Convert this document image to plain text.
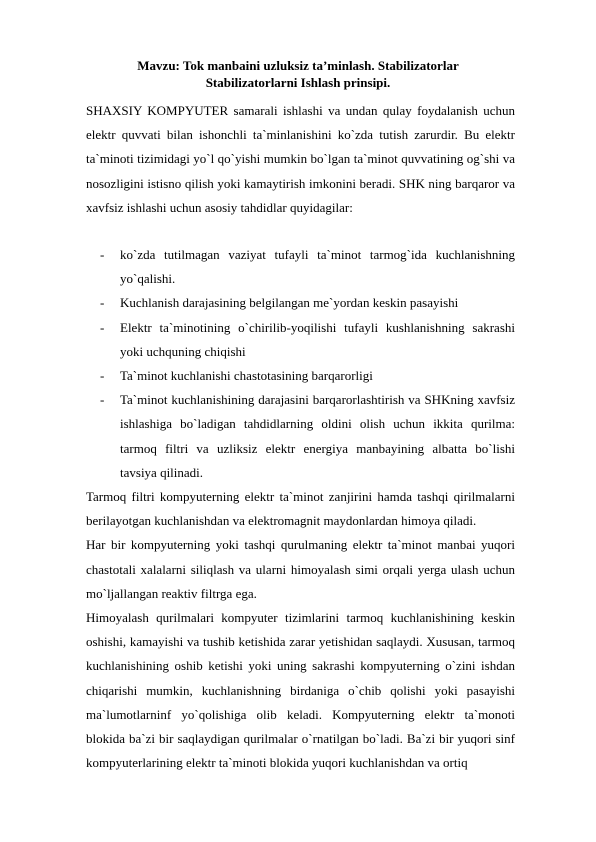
Mavzu: Tok manbaini uzluksiz ta’minlash. Stabilizatorlar
Stabilizatorlarni Ishlash prinsipi.

SHAXSIY KOMPYUTER samarali ishlashi va undan qulay foydalanish uchun elektr quvvati bilan ishonchli ta`minlanishini ko`zda tutish zarurdir. Bu elektr ta`minoti tizimidagi yo`l qo`yishi mumkin bo`lgan ta`minot quvvatining og`shi va nosozligini istisno qilish yoki kamaytirish imkonini beradi. SHK ning barqaror va xavfsiz ishlashi uchun asosiy tahdidlar quyidagilar:

- ko`zda tutilmagan vaziyat tufayli ta`minot tarmog`ida kuchlanishning yo`qalishi.
- Kuchlanish darajasining belgilangan me`yordan keskin pasayishi
- Elektr ta`minotining o`chirilib-yoqilishi tufayli kushlanishning sakrashi yoki uchquning chiqishi
- Ta`minot kuchlanishi chastotasining barqarorligi
- Ta`minot kuchlanishining darajasini barqarorlashtirish va SHKning xavfsiz ishlashiga bo`ladigan tahdidlarning oldini olish uchun ikkita qurilma: tarmoq filtri va uzliksiz elektr energiya manbayining albatta bo`lishi tavsiya qilinadi.

Tarmoq filtri kompyuterning elektr ta`minot zanjirini hamda tashqi qirilmalarni berilayotgan kuchlanishdan va elektromagnit maydonlardan himoya qiladi.

Har bir kompyuterning yoki tashqi qurulmaning elektr ta`minot manbai yuqori chastotali xalalarni siliqlash va ularni himoyalash simi orqali yerga ulash uchun mo`ljallangan reaktiv filtrga ega.

Himoyalash qurilmalari kompyuter tizimlarini tarmoq kuchlanishining keskin oshishi, kamayishi va tushib ketishida zarar yetishidan saqlaydi. Xususan, tarmoq kuchlanishining oshib ketishi yoki uning sakrashi kompyuterning o`zini ishdan chiqarishi mumkin, kuchlanishning birdaniga o`chib qolishi yoki pasayishi ma`lumotlarninf yo`qolishiga olib keladi. Kompyuterning elektr ta`monoti blokida ba`zi bir saqlaydigan qurilmalar o`rnatilgan bo`ladi. Ba`zi bir yuqori sinf kompyuterlarining elektr ta`minoti blokida yuqori kuchlanishdan va ortiq
